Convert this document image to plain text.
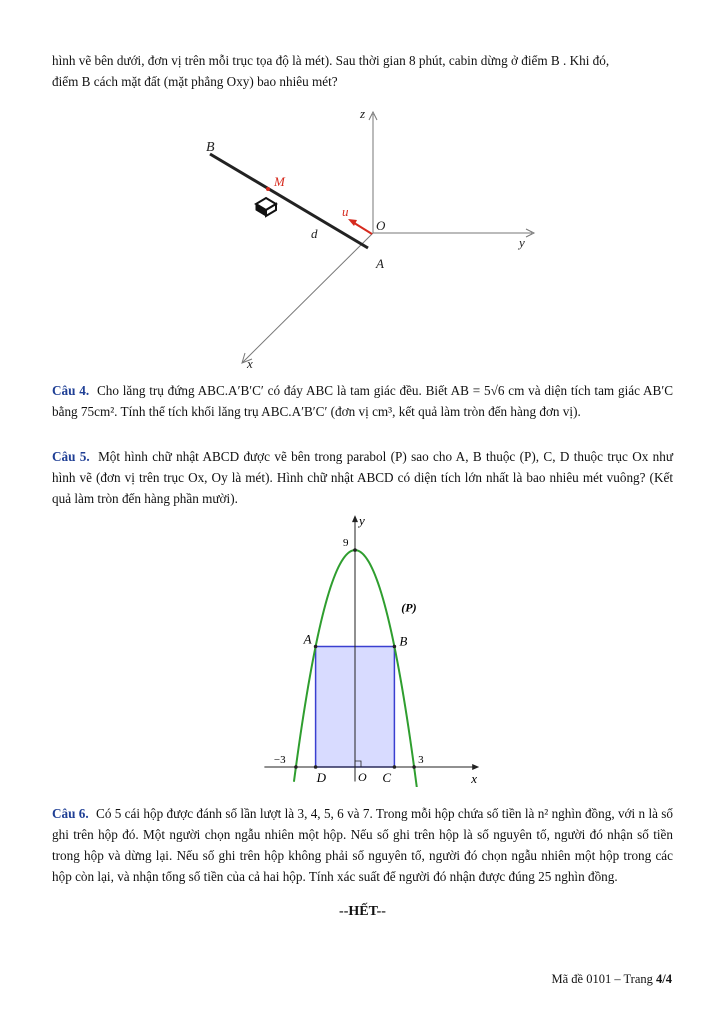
hình vẽ bên dưới, đơn vị trên mỗi trục tọa độ là mét). Sau thời gian 8 phút, cabin dừng ở điểm B . Khi đó,

điểm B cách mặt đất (mặt phẳng Oxy) bao nhiêu mét?

B
M
d
u⃗
O
A
z
y
x

Câu 4. Cho lăng trụ đứng ABC.A′B′C′ có đáy ABC là tam giác đều. Biết AB = 5√6 cm và diện tích tam giác AB′C bằng 75cm². Tính thể tích khối lăng trụ ABC.A′B′C′ (đơn vị cm³, kết quả làm tròn đến hàng đơn vị).

Câu 5. Một hình chữ nhật ABCD được vẽ bên trong parabol (P) sao cho A, B thuộc (P), C, D thuộc trục Ox như hình vẽ (đơn vị trên trục Ox, Oy là mét). Hình chữ nhật ABCD có diện tích lớn nhất là bao nhiêu mét vuông? (Kết quả làm tròn đến hàng phần mười).

y
x
9
−3	3
O
(P)
A	B
C
D

Câu 6. Có 5 cái hộp được đánh số lần lượt là 3, 4, 5, 6 và 7. Trong mỗi hộp chứa số tiền là n² nghìn đồng, với n là số ghi trên hộp đó. Một người chọn ngẫu nhiên một hộp. Nếu số ghi trên hộp là số nguyên tố, người đó nhận số tiền trong hộp và dừng lại. Nếu số ghi trên hộp không phải số nguyên tố, người đó chọn ngẫu nhiên một hộp trong các hộp còn lại, và nhận tổng số tiền của cả hai hộp. Tính xác suất để người đó nhận được đúng 25 nghìn đồng.

--HẾT--
Mã đề 0101 – Trang 4/4
